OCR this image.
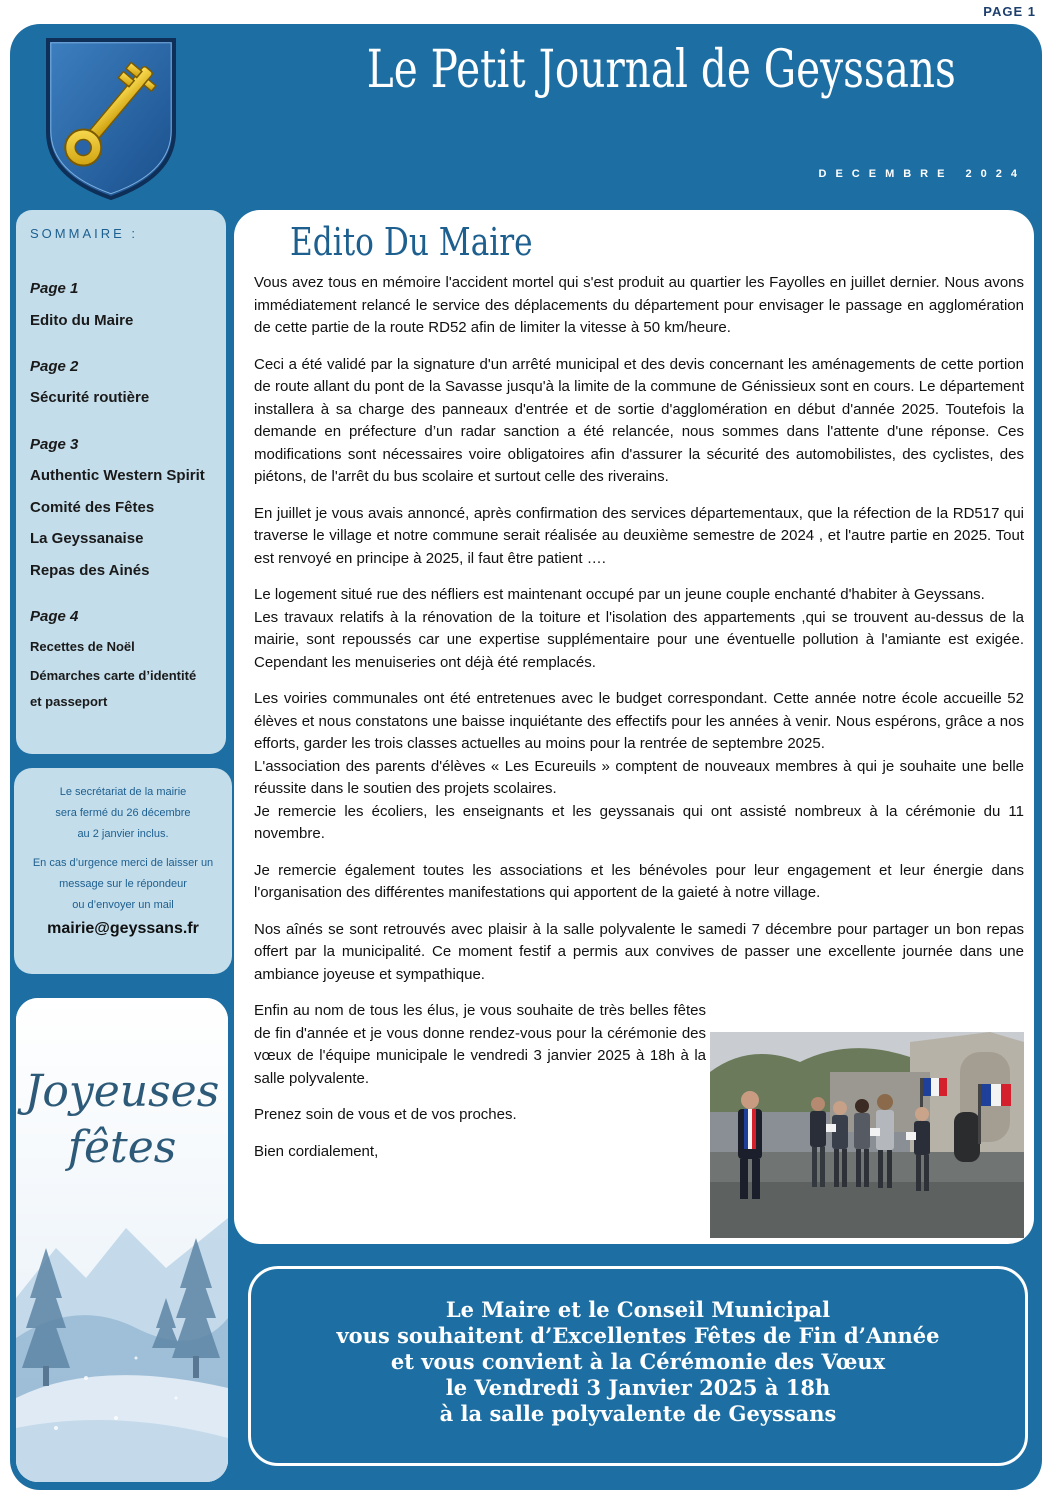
PAGE 1
Le Petit Journal de Geyssans
DECEMBRE 2024
SOMMAIRE :
Page 1
Edito du Maire
Page 2
Sécurité routière
Page 3
Authentic Western Spirit
Comité des Fêtes
La Geyssanaise
Repas des Ainés
Page 4
Recettes de Noël
Démarches carte d’identité
et passeport

Le secrétariat de la mairie

sera fermé du 26 décembre

au 2 janvier inclus.

En cas d’urgence merci de laisser un

message sur le répondeur

ou d’envoyer un mail

mairie@geyssans.fr

Joyeuses
fêtes
Edito Du Maire

Vous avez tous en mémoire l'accident mortel qui s'est produit au quartier les Fayolles en juillet dernier. Nous avons immédiatement relancé le service des déplacements du département pour envisager le passage en agglomération de cette partie de la route RD52 afin de limiter la vitesse à 50 km/heure.

Ceci a été validé par la signature d'un arrêté municipal et des devis concernant les aménagements de cette portion de route allant du pont de la Savasse jusqu'à la limite de la commune de Génissieux sont en cours. Le département installera à sa charge des panneaux d'entrée et de sortie d'agglomération en début d'année 2025. Toutefois la demande en préfecture d’un radar sanction a été relancée, nous sommes dans l'attente d'une réponse. Ces modifications sont nécessaires voire obligatoires afin d'assurer la sécurité des automobilistes, des cyclistes, des piétons, de l'arrêt du bus scolaire et surtout celle des riverains.

En juillet je vous avais annoncé, après confirmation des services départementaux, que la réfection de la RD517 qui traverse le village et notre commune serait réalisée au deuxième semestre de 2024 , et l'autre partie en 2025. Tout est renvoyé en principe à 2025, il faut être patient ….

Le logement situé rue des néfliers est maintenant occupé par un jeune couple enchanté d'habiter à Geyssans.

Les travaux relatifs à la rénovation de la toiture et l'isolation des appartements ,qui se trouvent au-dessus de la mairie, sont repoussés car une expertise supplémentaire pour une éventuelle pollution à l'amiante est exigée. Cependant les menuiseries ont déjà été remplacés.

Les voiries communales ont été entretenues avec le budget correspondant. Cette année notre école accueille 52 élèves et nous constatons une baisse inquiétante des effectifs pour les années à venir. Nous espérons, grâce a nos efforts, garder les trois classes actuelles au moins pour la rentrée de septembre 2025.

L'association des parents d'élèves « Les Ecureuils » comptent de nouveaux membres à qui je souhaite une belle réussite dans le soutien des projets scolaires.

Je remercie les écoliers, les enseignants et les geyssanais qui ont assisté nombreux à la cérémonie du 11 novembre.

Je remercie également toutes les associations et les bénévoles pour leur engagement et leur énergie dans l'organisation des différentes manifestations qui apportent de la gaieté à notre village.

Nos aînés se sont retrouvés avec plaisir à la salle polyvalente le samedi 7 décembre pour partager un bon repas offert par la municipalité. Ce moment festif a permis aux convives de passer une excellente journée dans une ambiance joyeuse et sympathique.

Enfin au nom de tous les élus, je vous souhaite de très belles fêtes de fin d'année et je vous donne rendez-vous pour la cérémonie des vœux de l'équipe municipale le vendredi 3 janvier 2025 à 18h à la salle polyvalente.

Prenez soin de vous et de vos proches.

Bien cordialement,

Le Maire et le Conseil Municipal
vous souhaitent d’Excellentes Fêtes de Fin d’Année
et vous convient à la Cérémonie des Vœux
le Vendredi 3 Janvier 2025 à 18h
à la salle polyvalente de Geyssans
